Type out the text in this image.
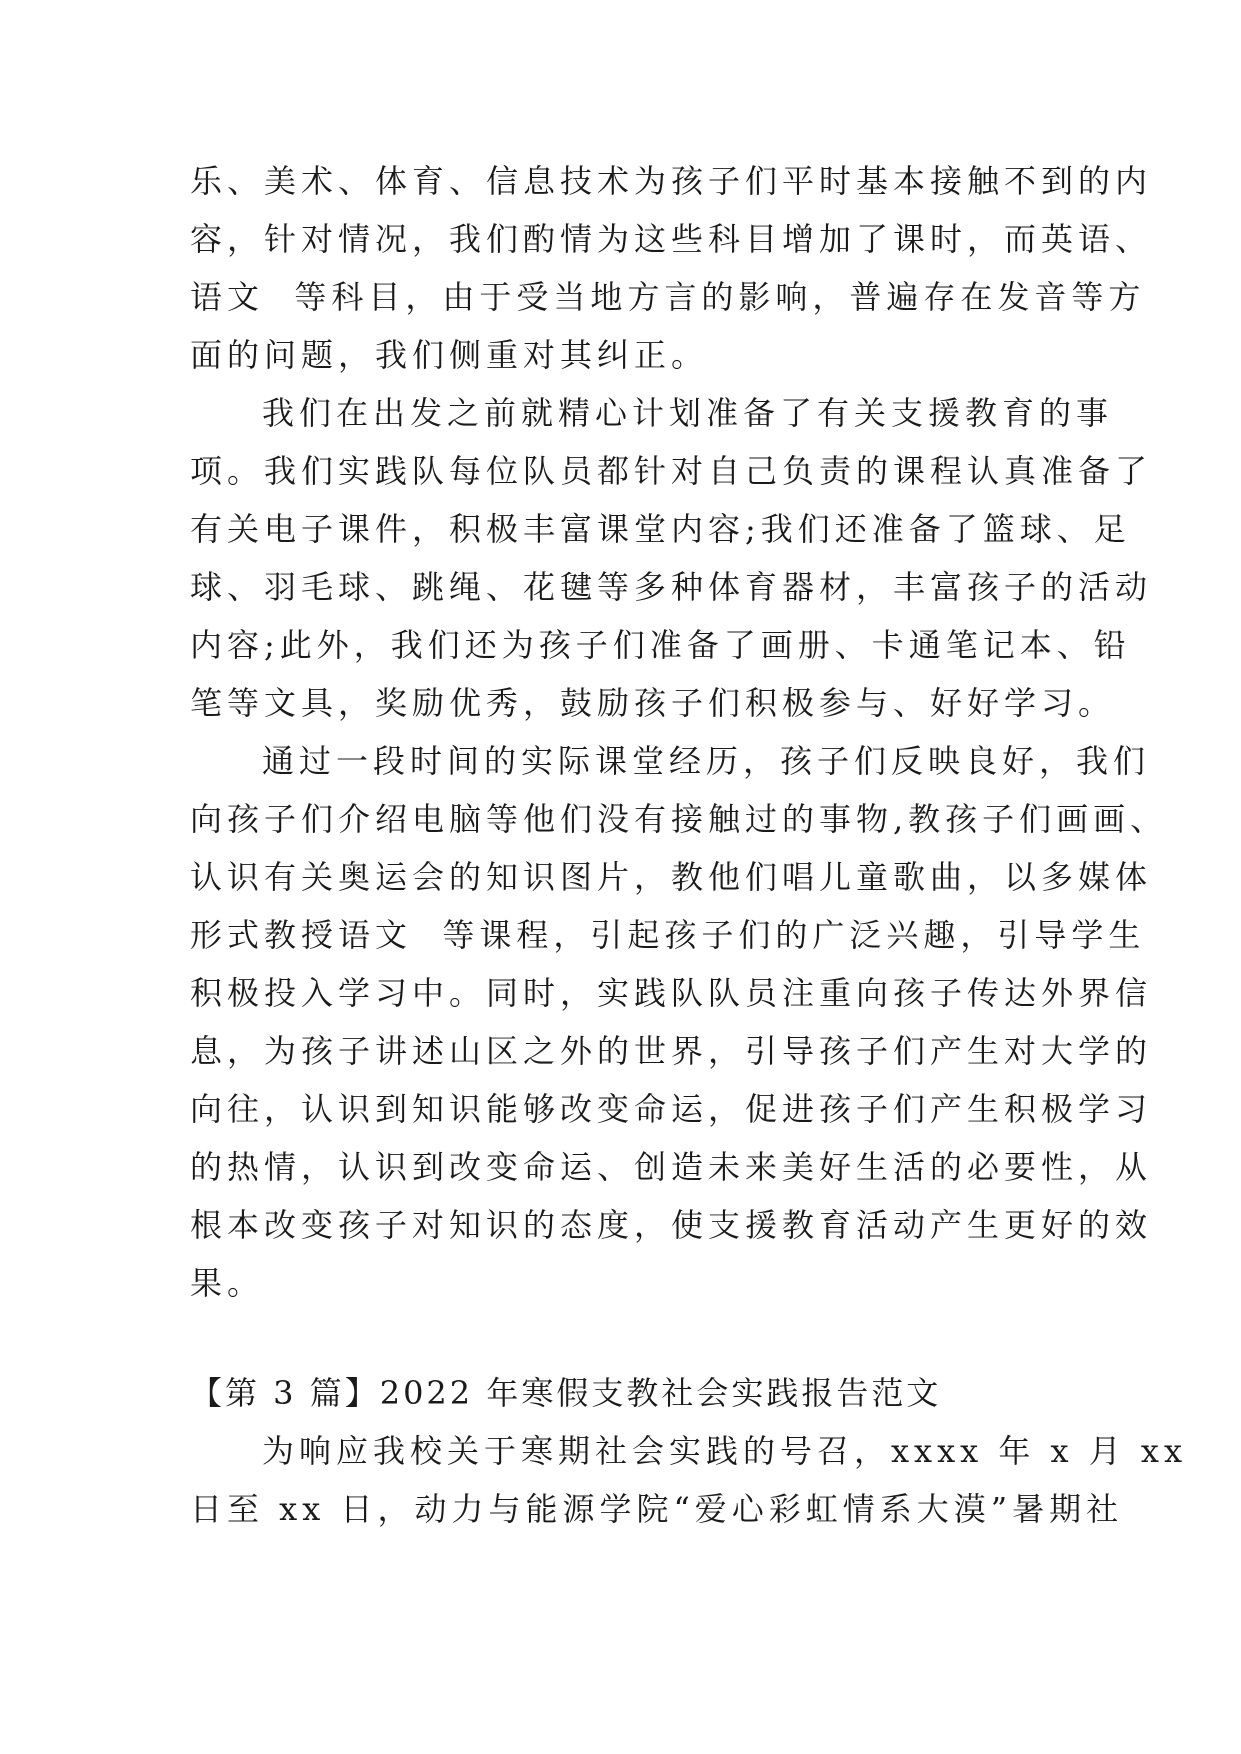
乐、美术、体育、信息技术为孩子们平时基本接触不到的内
容，针对情况，我们酌情为这些科目增加了课时，而英语、
语文  等科目，由于受当地方言的影响，普遍存在发音等方
面的问题，我们侧重对其纠正。
我们在出发之前就精心计划准备了有关支援教育的事
项。我们实践队每位队员都针对自己负责的课程认真准备了
有关电子课件，积极丰富课堂内容;我们还准备了篮球、足
球、羽毛球、跳绳、花毽等多种体育器材，丰富孩子的活动
内容;此外，我们还为孩子们准备了画册、卡通笔记本、铅
笔等文具，奖励优秀，鼓励孩子们积极参与、好好学习。
通过一段时间的实际课堂经历，孩子们反映良好，我们
向孩子们介绍电脑等他们没有接触过的事物,教孩子们画画、
认识有关奥运会的知识图片，教他们唱儿童歌曲，以多媒体
形式教授语文  等课程，引起孩子们的广泛兴趣，引导学生
积极投入学习中。同时，实践队队员注重向孩子传达外界信
息，为孩子讲述山区之外的世界，引导孩子们产生对大学的
向往，认识到知识能够改变命运，促进孩子们产生积极学习
的热情，认识到改变命运、创造未来美好生活的必要性，从
根本改变孩子对知识的态度，使支援教育活动产生更好的效
果。
【第 3 篇】2022 年寒假支教社会实践报告范文
为响应我校关于寒期社会实践的号召，xxxx 年 x 月 xx
日至 xx 日，动力与能源学院“爱心彩虹情系大漠”暑期社
